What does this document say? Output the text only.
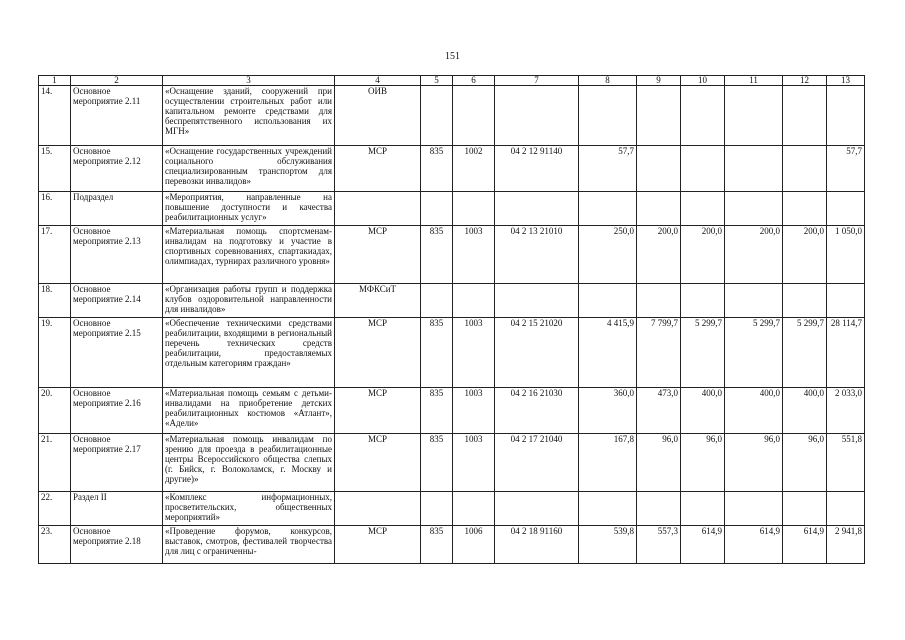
151
1	2	3	4	5	6	7	8	9	10	11	12	13
14.	Основное мероприятие 2.11	«Оснащение зданий, сооружений при осуществлении строительных работ или капитальном ремонте средствами для беспрепятственного использования их МГН»	ОИВ									
15.	Основное мероприятие 2.12	«Оснащение государственных учреждений социального обслуживания специализированным транспортом для перевозки инвалидов»	МСР	835	1002	04 2 12 91140	57,7					57,7
16.	Подраздел	«Мероприятия, направленные на повышение доступности и качества реабилитационных услуг»										
17.	Основное мероприятие 2.13	«Материальная помощь спортсменам-инвалидам на подготовку и участие в спортивных соревнованиях, спартакиадах, олимпиадах, турнирах различного уровня»	МСР	835	1003	04 2 13 21010	250,0	200,0	200,0	200,0	200,0	1 050,0
18.	Основное мероприятие 2.14	«Организация работы групп и поддержка клубов оздоровительной направленности для инвалидов»	МФКСиТ									
19.	Основное мероприятие 2.15	«Обеспечение техническими средствами реабилитации, входящими в региональный перечень технических средств реабилитации, предоставляемых отдельным категориям граждан»	МСР	835	1003	04 2 15 21020	4 415,9	7 799,7	5 299,7	5 299,7	5 299,7	28 114,7
20.	Основное мероприятие 2.16	«Материальная помощь семьям с детьми-инвалидами на приобретение детских реабилитационных костюмов «Атлант», «Адели»	МСР	835	1003	04 2 16 21030	360,0	473,0	400,0	400,0	400,0	2 033,0
21.	Основное мероприятие 2.17	«Материальная помощь инвалидам по зрению для проезда в реабилитационные центры Всероссийского общества слепых (г. Бийск, г. Волоколамск, г. Москву и другие)»	МСР	835	1003	04 2 17 21040	167,8	96,0	96,0	96,0	96,0	551,8
22.	Раздел II	«Комплекс информационных, просветительских, общественных мероприятий»										
23.	Основное мероприятие 2.18	«Проведение форумов, конкурсов, выставок, смотров, фестивалей творчества для лиц с ограниченны-	МСР	835	1006	04 2 18 91160	539,8	557,3	614,9	614,9	614,9	2 941,8
